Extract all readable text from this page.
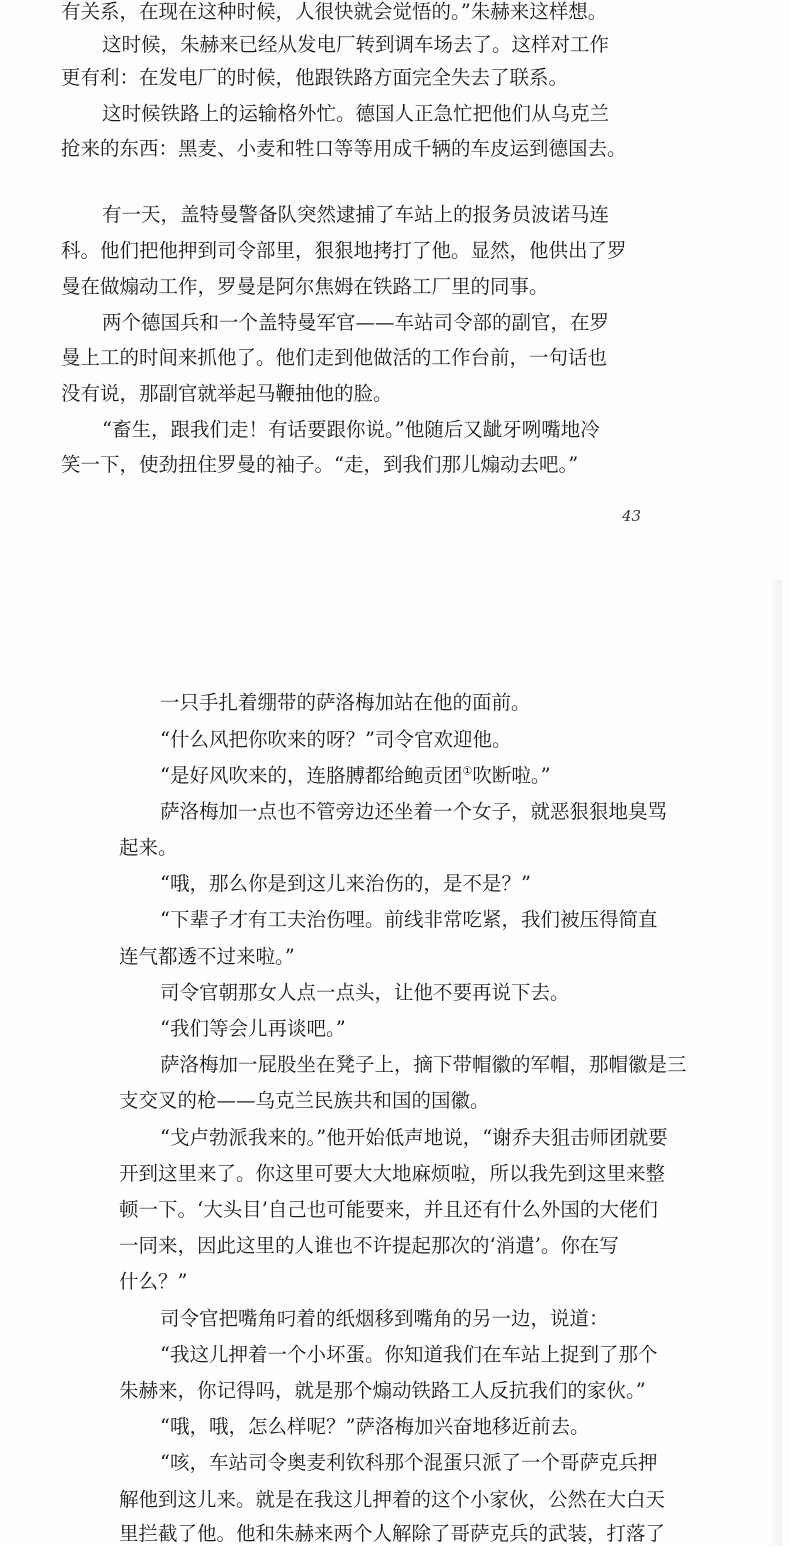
有关系，在现在这种时候，人很快就会觉悟的。”朱赫来这样想。

这时候，朱赫来已经从发电厂转到调车场去了。这样对工作

更有利：在发电厂的时候，他跟铁路方面完全失去了联系。

这时候铁路上的运输格外忙。德国人正急忙把他们从乌克兰

抢来的东西：黑麦、小麦和牲口等等用成千辆的车皮运到德国去。

有一天，盖特曼警备队突然逮捕了车站上的报务员波诺马连

科。他们把他押到司令部里，狠狠地拷打了他。显然，他供出了罗

曼在做煽动工作，罗曼是阿尔焦姆在铁路工厂里的同事。

两个德国兵和一个盖特曼军官——车站司令部的副官，在罗

曼上工的时间来抓他了。他们走到他做活的工作台前，一句话也

没有说，那副官就举起马鞭抽他的脸。

“畜生，跟我们走！有话要跟你说。”他随后又龇牙咧嘴地冷

笑一下，使劲扭住罗曼的袖子。“走，到我们那儿煽动去吧。”

43

一只手扎着绷带的萨洛梅加站在他的面前。

“什么风把你吹来的呀？”司令官欢迎他。

“是好风吹来的，连胳膊都给鲍贡团①吹断啦。”

萨洛梅加一点也不管旁边还坐着一个女子，就恶狠狠地臭骂

起来。

“哦，那么你是到这儿来治伤的，是不是？”

“下辈子才有工夫治伤哩。前线非常吃紧，我们被压得简直

连气都透不过来啦。”

司令官朝那女人点一点头，让他不要再说下去。

“我们等会儿再谈吧。”

萨洛梅加一屁股坐在凳子上，摘下带帽徽的军帽，那帽徽是三

支交叉的枪——乌克兰民族共和国的国徽。

“戈卢勃派我来的。”他开始低声地说，“谢乔夫狙击师团就要

开到这里来了。你这里可要大大地麻烦啦，所以我先到这里来整

顿一下。‘大头目’自己也可能要来，并且还有什么外国的大佬们

一同来，因此这里的人谁也不许提起那次的‘消遣’。你在写

什么？”

司令官把嘴角叼着的纸烟移到嘴角的另一边，说道：

“我这儿押着一个小坏蛋。你知道我们在车站上捉到了那个

朱赫来，你记得吗，就是那个煽动铁路工人反抗我们的家伙。”

“哦，哦，怎么样呢？”萨洛梅加兴奋地移近前去。

“咳，车站司令奥麦利钦科那个混蛋只派了一个哥萨克兵押

解他到这儿来。就是在我这儿押着的这个小家伙，公然在大白天

里拦截了他。他和朱赫来两个人解除了哥萨克兵的武装，打落了
